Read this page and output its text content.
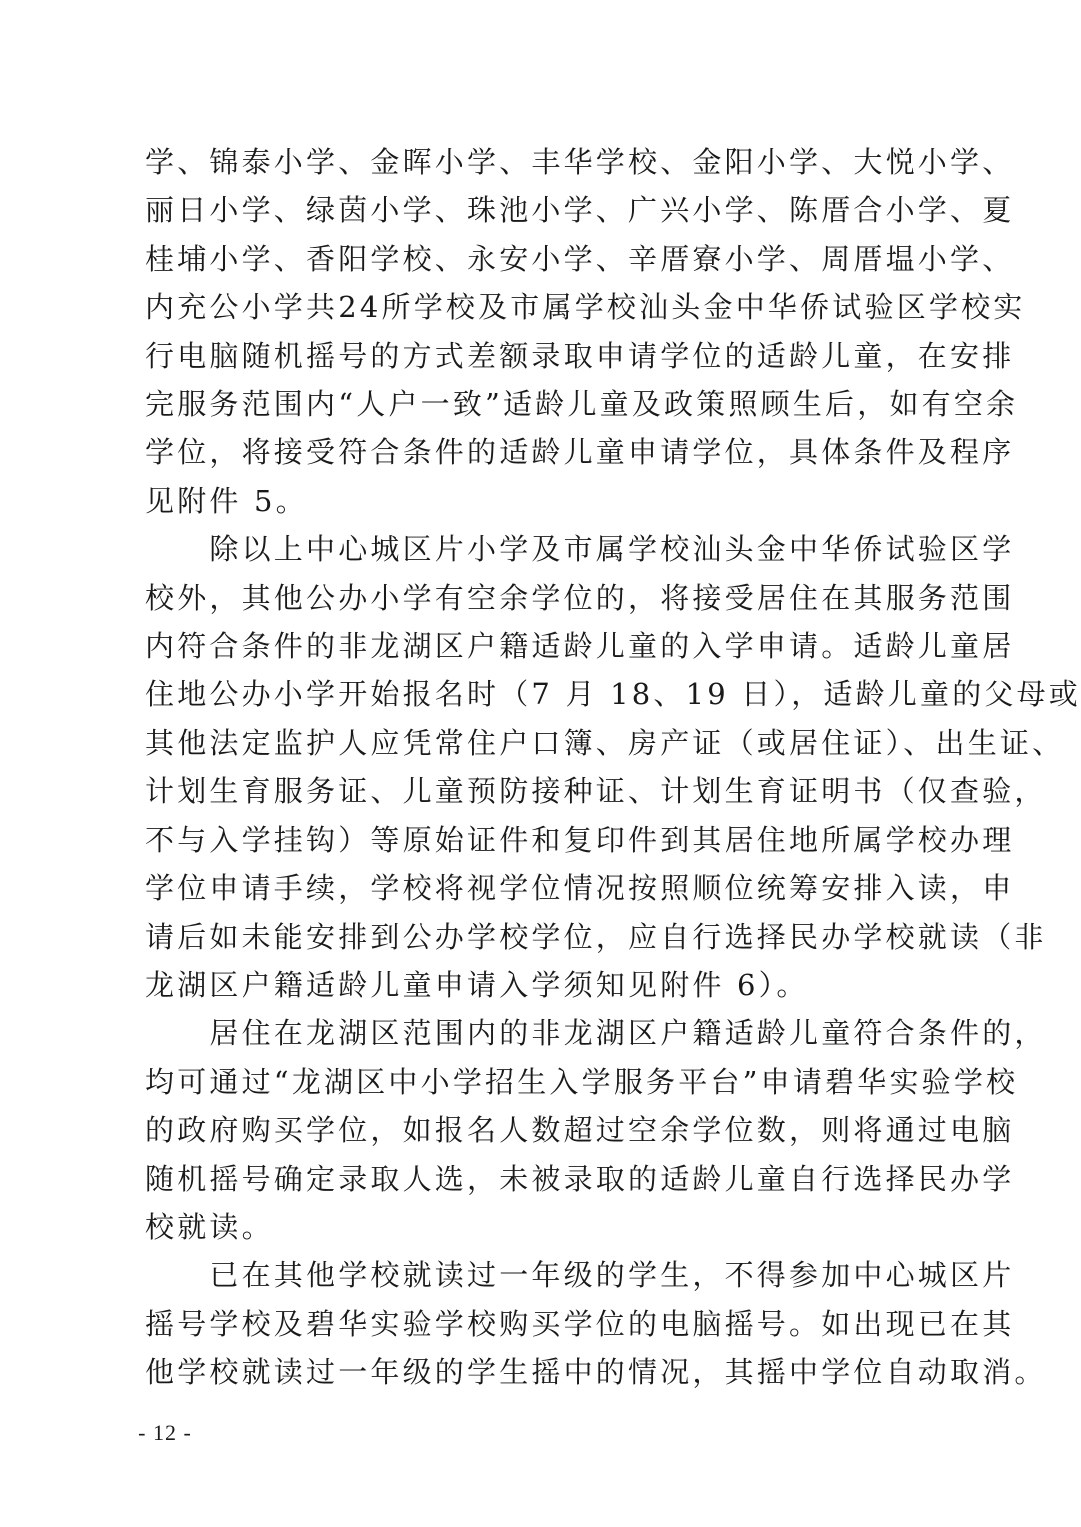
学、锦泰小学、金晖小学、丰华学校、金阳小学、大悦小学、
丽日小学、绿茵小学、珠池小学、广兴小学、陈厝合小学、夏
桂埔小学、香阳学校、永安小学、辛厝寮小学、周厝塭小学、
内充公小学共24所学校及市属学校汕头金中华侨试验区学校实
行电脑随机摇号的方式差额录取申请学位的适龄儿童，在安排
完服务范围内“人户一致”适龄儿童及政策照顾生后，如有空余
学位，将接受符合条件的适龄儿童申请学位，具体条件及程序
见附件 5。

　　除以上中心城区片小学及市属学校汕头金中华侨试验区学
校外，其他公办小学有空余学位的，将接受居住在其服务范围
内符合条件的非龙湖区户籍适龄儿童的入学申请。适龄儿童居
住地公办小学开始报名时（7 月 18、19 日），适龄儿童的父母或
其他法定监护人应凭常住户口簿、房产证（或居住证）、出生证、
计划生育服务证、儿童预防接种证、计划生育证明书（仅查验，
不与入学挂钩）等原始证件和复印件到其居住地所属学校办理
学位申请手续，学校将视学位情况按照顺位统筹安排入读，申
请后如未能安排到公办学校学位，应自行选择民办学校就读（非
龙湖区户籍适龄儿童申请入学须知见附件 6）。

　　居住在龙湖区范围内的非龙湖区户籍适龄儿童符合条件的，
均可通过“龙湖区中小学招生入学服务平台”申请碧华实验学校
的政府购买学位，如报名人数超过空余学位数，则将通过电脑
随机摇号确定录取人选，未被录取的适龄儿童自行选择民办学
校就读。

　　已在其他学校就读过一年级的学生，不得参加中心城区片
摇号学校及碧华实验学校购买学位的电脑摇号。如出现已在其
他学校就读过一年级的学生摇中的情况，其摇中学位自动取消。

- 12 -
